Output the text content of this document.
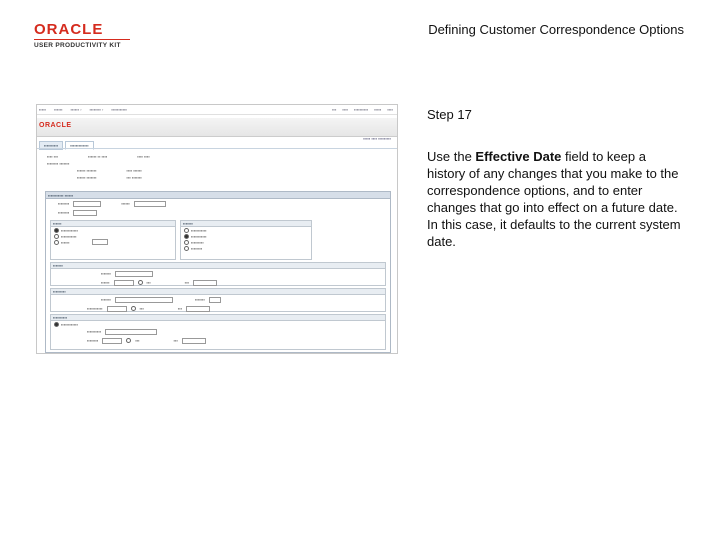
ORACLE
USER PRODUCTIVITY KIT
Defining Customer Correspondence Options
▪▪▪▪▪ ▪▪▪▪▪▪ ▪▪▪▪▪▪ › ▪▪▪▪▪▪▪▪ › ▪▪▪▪▪▪▪▪▪▪▪	▪▪▪ ▪▪▪▪ ▪▪▪▪▪▪▪▪▪▪ ▪▪▪▪▪ ▪▪▪▪
ORACLE
▪▪▪▪▪▪▪▪▪▪	▪▪▪▪▪▪▪▪▪▪▪▪▪
▪▪▪▪▪ ▪▪▪▪ ▪▪▪▪▪▪▪▪▪
▪▪▪▪ ▪▪▪	▪▪▪▪▪▪ ▪▪ ▪▪▪▪	▪▪▪▪ ▪▪▪▪
▪▪▪▪▪▪▪▪ ▪▪▪▪▪▪▪
▪▪▪▪▪▪ ▪▪▪▪▪▪▪	▪▪▪▪ ▪▪▪▪▪▪
▪▪▪▪▪▪ ▪▪▪▪▪▪▪	▪▪▪ ▪▪▪▪▪▪▪
▪▪▪▪▪▪▪▪▪▪▪ ▪▪▪▪▪▪
▪▪▪▪▪▪▪▪	▪▪▪▪▪▪
▪▪▪▪▪▪▪▪
▪▪▪▪▪▪
▪▪▪▪▪▪▪▪▪▪▪▪
▪▪▪▪▪▪▪▪▪▪▪
▪▪▪▪▪▪
▪▪▪▪▪▪▪
▪▪▪▪▪▪▪▪▪▪▪
▪▪▪▪▪▪▪▪▪▪▪
▪▪▪▪▪▪▪▪▪
▪▪▪▪▪▪▪▪
▪▪▪▪▪▪▪
▪▪▪▪▪▪▪
▪▪▪▪▪▪	▪▪▪	▪▪▪
▪▪▪▪▪▪▪▪▪
▪▪▪▪▪▪▪	▪▪▪▪▪▪▪
▪▪▪▪▪▪▪▪▪▪▪	▪▪▪	▪▪▪
▪▪▪▪▪▪▪▪▪▪
▪▪▪▪▪▪▪▪▪▪▪▪
▪▪▪▪▪▪▪▪▪▪
▪▪▪▪▪▪▪▪	▪▪▪	▪▪▪
Step 17
Use the Effective Date field to keep a history of any changes that you make to the correspondence options, and to enter changes that go into effect on a future date. In this case, it defaults to the current system date.
